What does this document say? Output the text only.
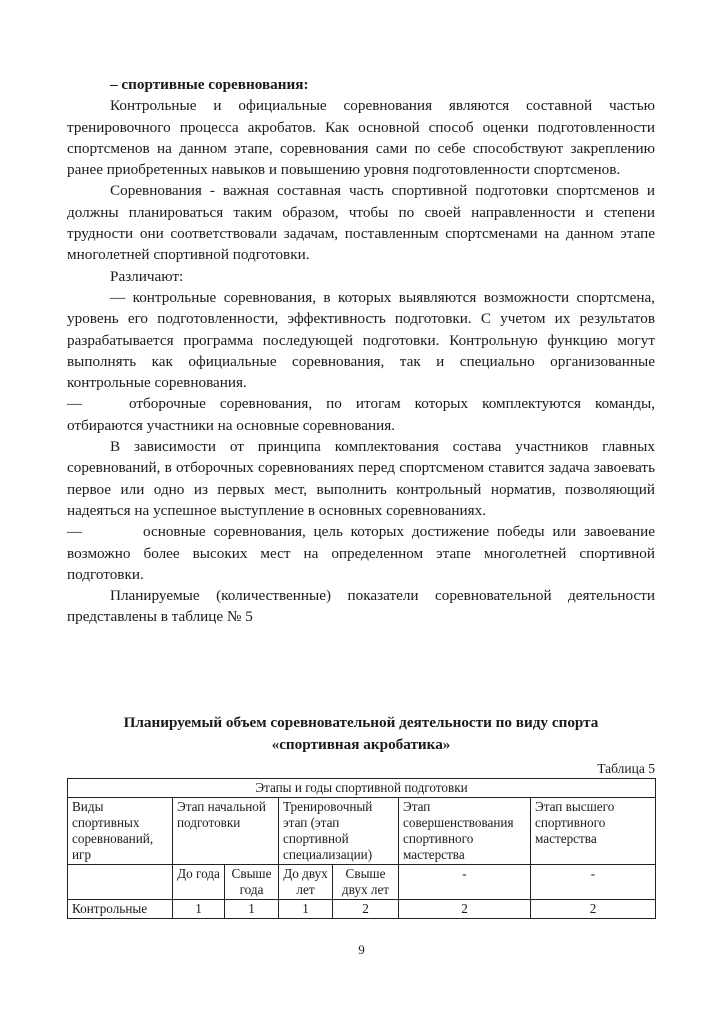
– спортивные соревнования:

Контрольные и официальные соревнования являются составной частью тренировочного процесса акробатов. Как основной способ оценки подготовленности спортсменов на данном этапе, соревнования сами по себе способствуют закреплению ранее приобретенных навыков и повышению уровня подготовленности спортсменов.

Соревнования - важная составная часть спортивной подготовки спортсменов и должны планироваться таким образом, чтобы по своей направленности и степени трудности они соответствовали задачам, поставленным спортсменами на данном этапе многолетней спортивной подготовки.

Различают:

— контрольные соревнования, в которых выявляются возможности спортсмена, уровень его подготовленности, эффективность подготовки. С учетом их результатов разрабатывается программа последующей подготовки. Контрольную функцию могут выполнять как официальные соревнования, так и специально организованные контрольные соревнования.

—	отборочные соревнования, по итогам которых комплектуются команды, отбираются участники на основные соревнования.

В зависимости от принципа комплектования состава участников главных соревнований, в отборочных соревнованиях перед спортсменом ставится задача завоевать первое или одно из первых мест, выполнить контрольный норматив, позволяющий надеяться на успешное выступление в основных соревнованиях.

—	основные соревнования, цель которых достижение победы или завоевание возможно более высоких мест на определенном этапе многолетней спортивной подготовки.

Планируемые (количественные) показатели соревновательной деятельности представлены в таблице № 5

Планируемый объем соревновательной деятельности по виду спорта
«спортивная акробатика»
Таблица 5
Этапы и годы спортивной подготовки						
Виды спортивных соревнований, игр	Этап начальной подготовки		Тренировочный этап (этап спортивной специализации)		Этап совершенствования спортивного мастерства	Этап высшего спортивного мастерства
	До года	Свыше года	До двух лет	Свыше двух лет	-	-
Контрольные	1	1	1	2	2	2
9
